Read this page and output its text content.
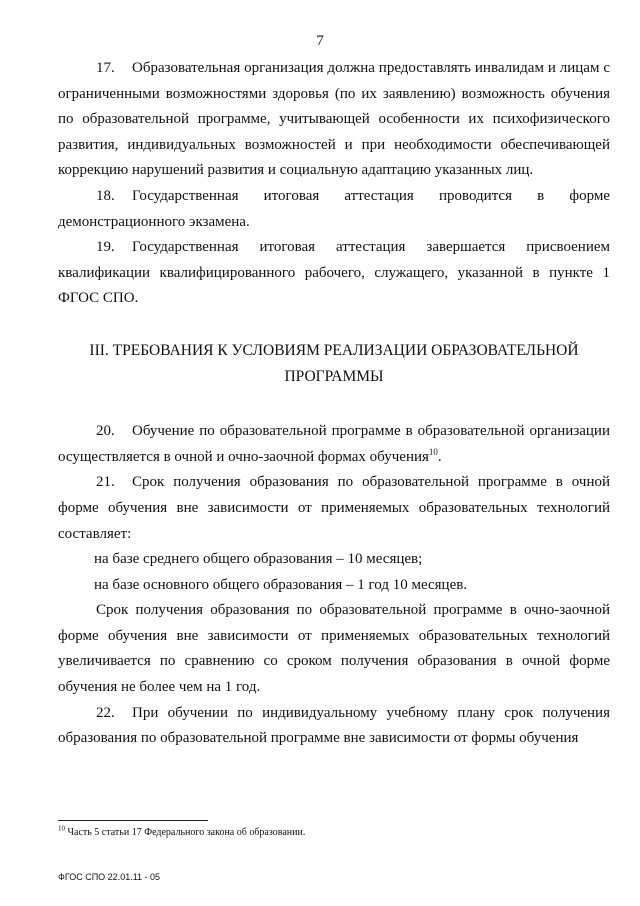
7

17. Образовательная организация должна предоставлять инвалидам и лицам с ограниченными возможностями здоровья (по их заявлению) возможность обучения по образовательной программе, учитывающей особенности их психофизического развития, индивидуальных возможностей и при необходимости обеспечивающей коррекцию нарушений развития и социальную адаптацию указанных лиц.

18. Государственная итоговая аттестация проводится в форме демонстрационного экзамена.

19. Государственная итоговая аттестация завершается присвоением квалификации квалифицированного рабочего, служащего, указанной в пункте 1 ФГОС СПО.

III. ТРЕБОВАНИЯ К УСЛОВИЯМ РЕАЛИЗАЦИИ ОБРАЗОВАТЕЛЬНОЙ
ПРОГРАММЫ

20. Обучение по образовательной программе в образовательной организации осуществляется в очной и очно-заочной формах обучения$^{10}$.

21. Срок получения образования по образовательной программе в очной форме обучения вне зависимости от применяемых образовательных технологий составляет:

на базе среднего общего образования – 10 месяцев;

на базе основного общего образования – 1 год 10 месяцев.

Срок получения образования по образовательной программе в очно-заочной форме обучения вне зависимости от применяемых образовательных технологий увеличивается по сравнению со сроком получения образования в очной форме обучения не более чем на 1 год.

22. При обучении по индивидуальному учебному плану срок получения образования по образовательной программе вне зависимости от формы обучения

$^{10}$ Часть 5 статьи 17 Федерального закона об образовании.
ФГОС СПО 22.01.11 - 05
